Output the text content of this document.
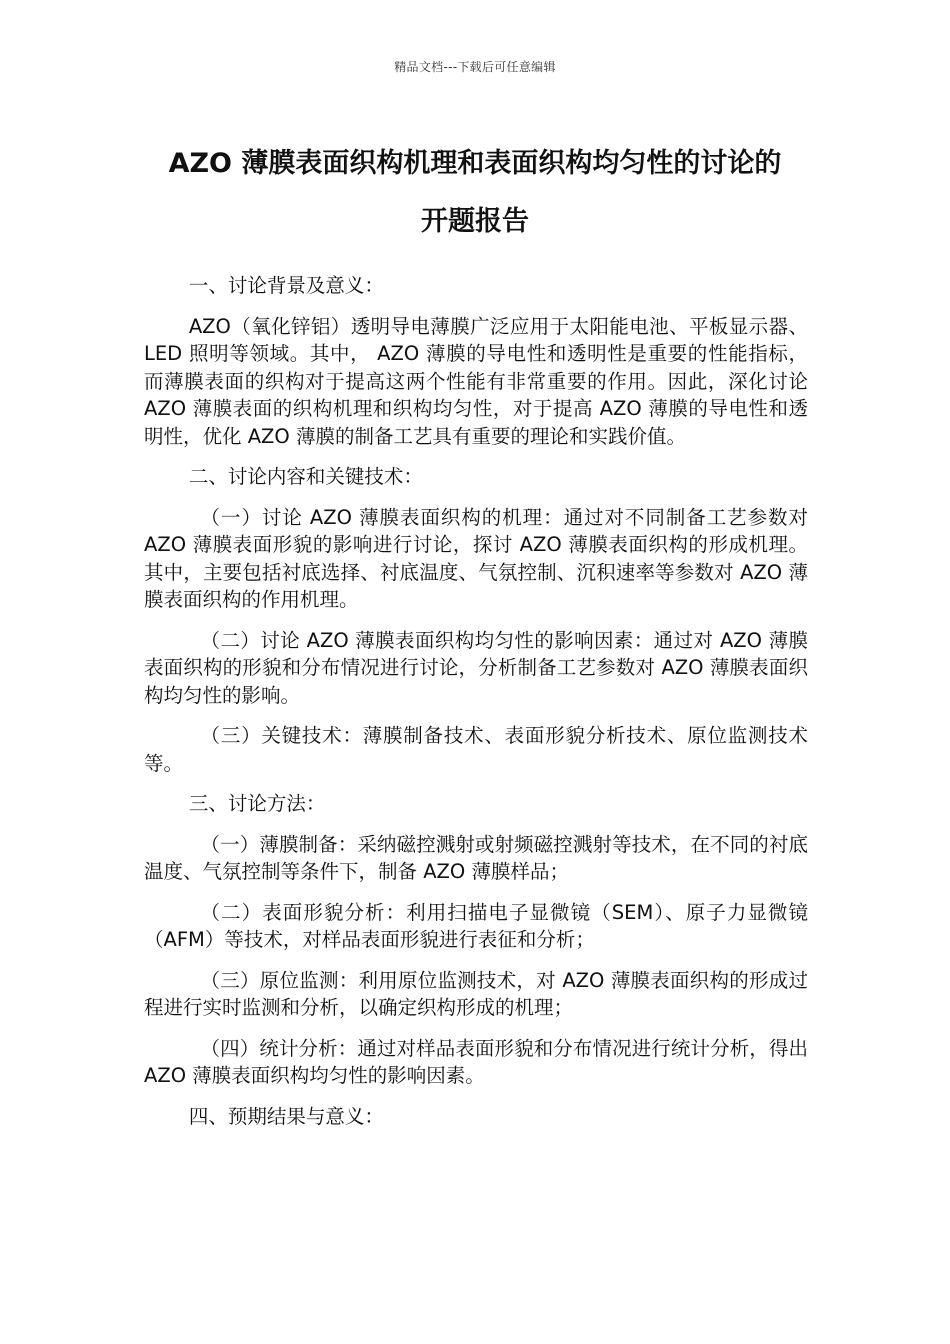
精品文档---下载后可任意编辑
AZO 薄膜表面织构机理和表面织构均匀性的讨论的
开题报告

一、讨论背景及意义：

AZO（氧化锌铝）透明导电薄膜广泛应用于太阳能电池、平板显示器、 LED 照明等领域。其中， AZO 薄膜的导电性和透明性是重要的性能指标，而薄膜表面的织构对于提高这两个性能有非常重要的作用。因此，深化讨论 AZO 薄膜表面的织构机理和织构均匀性，对于提高 AZO 薄膜的导电性和透明性，优化 AZO 薄膜的制备工艺具有重要的理论和实践价值。

二、讨论内容和关键技术：

（一）讨论 AZO 薄膜表面织构的机理：通过对不同制备工艺参数对 AZO 薄膜表面形貌的影响进行讨论，探讨 AZO 薄膜表面织构的形成机理。其中，主要包括衬底选择、衬底温度、气氛控制、沉积速率等参数对 AZO 薄膜表面织构的作用机理。

（二）讨论 AZO 薄膜表面织构均匀性的影响因素：通过对 AZO 薄膜表面织构的形貌和分布情况进行讨论，分析制备工艺参数对 AZO 薄膜表面织构均匀性的影响。

（三）关键技术：薄膜制备技术、表面形貌分析技术、原位监测技术等。

三、讨论方法：

（一）薄膜制备：采纳磁控溅射或射频磁控溅射等技术，在不同的衬底温度、气氛控制等条件下，制备 AZO 薄膜样品；

（二）表面形貌分析：利用扫描电子显微镜（SEM）、原子力显微镜（AFM）等技术，对样品表面形貌进行表征和分析；

（三）原位监测：利用原位监测技术，对 AZO 薄膜表面织构的形成过程进行实时监测和分析，以确定织构形成的机理；

（四）统计分析：通过对样品表面形貌和分布情况进行统计分析，得出 AZO 薄膜表面织构均匀性的影响因素。

四、预期结果与意义：
